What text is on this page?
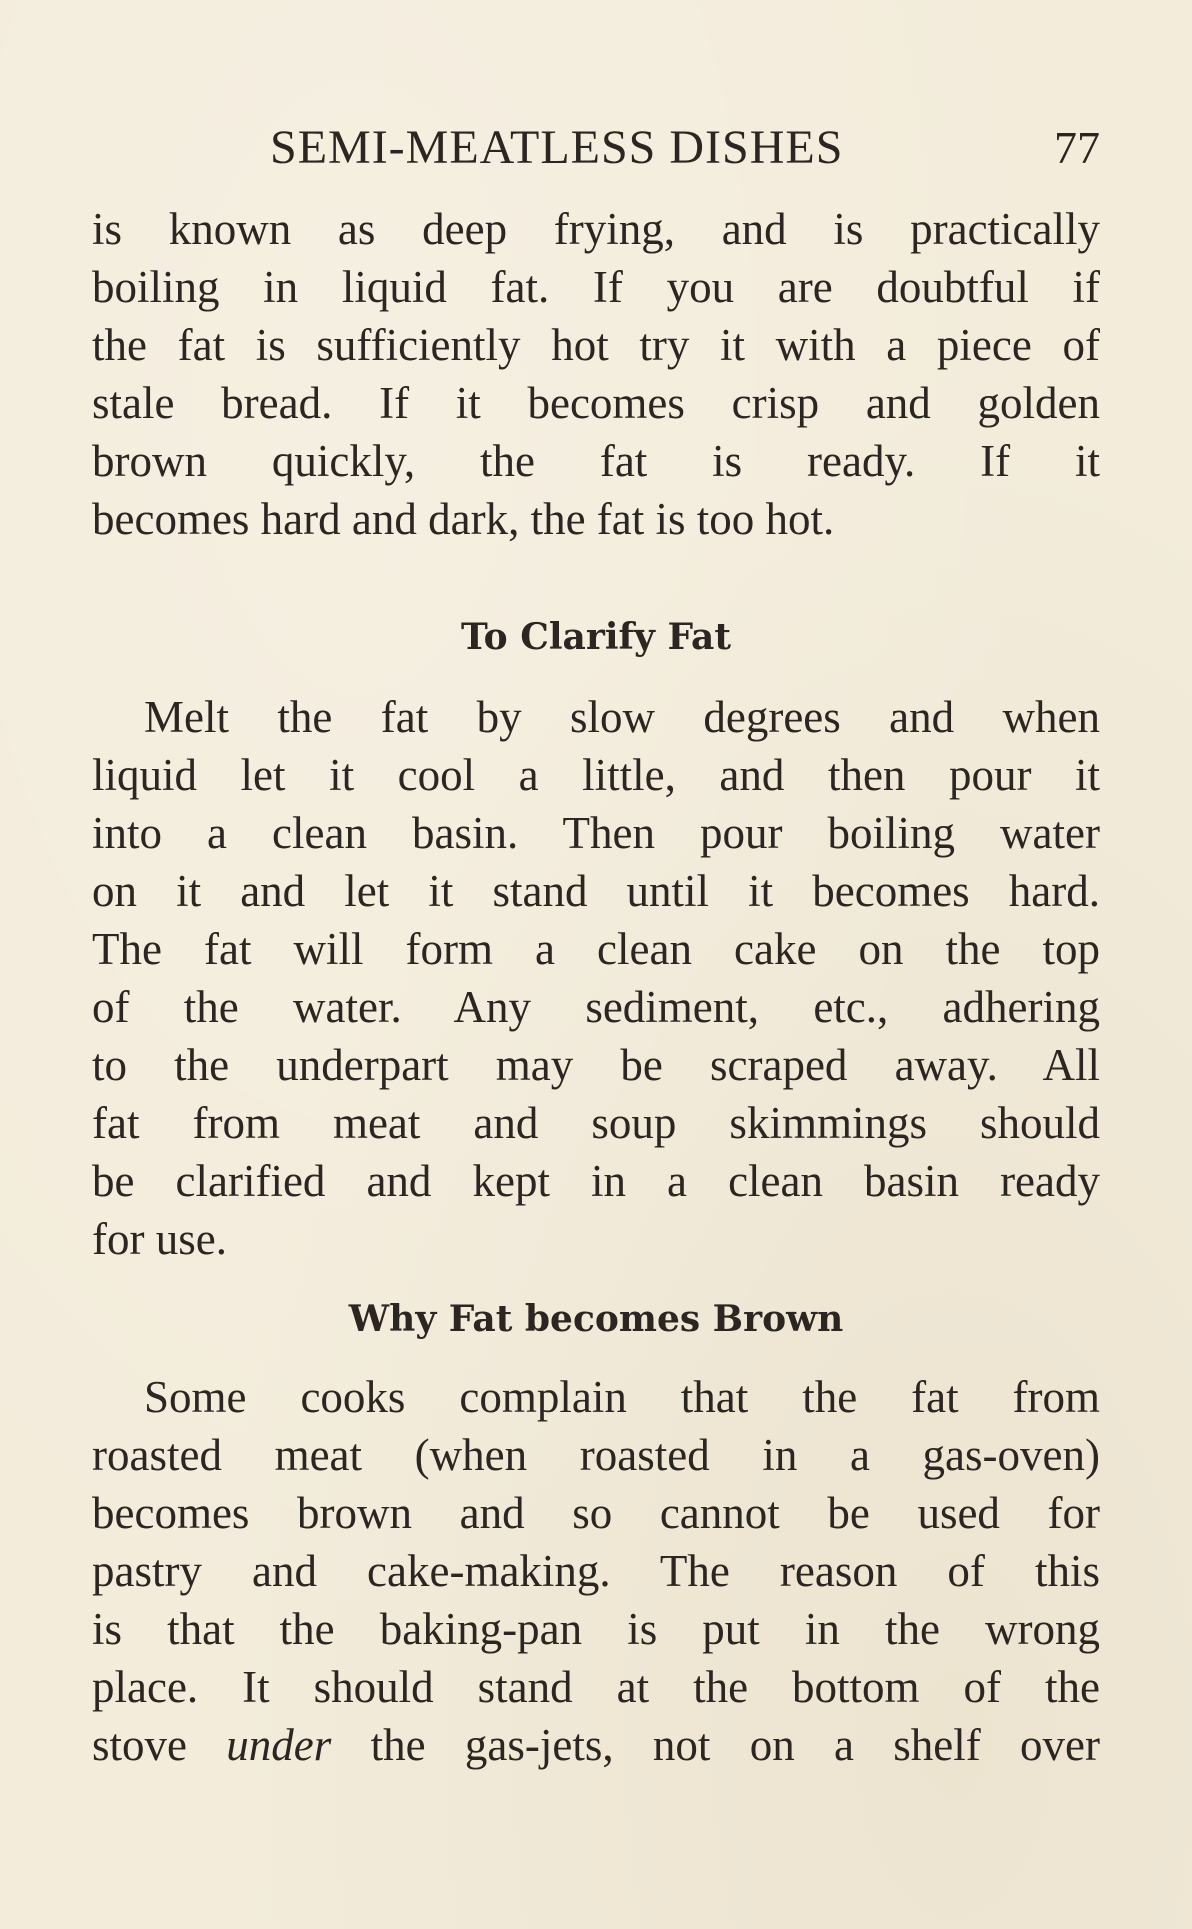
SEMI-MEATLESS DISHES	77
is known as deep frying, and is practically
boiling in liquid fat. If you are doubtful if
the fat is sufficiently hot try it with a piece of
stale bread. If it becomes crisp and golden
brown quickly, the fat is ready. If it
becomes hard and dark, the fat is too hot.
To Clarify Fat
Melt the fat by slow degrees and when
liquid let it cool a little, and then pour it
into a clean basin. Then pour boiling water
on it and let it stand until it becomes hard.
The fat will form a clean cake on the top
of the water. Any sediment, etc., adhering
to the underpart may be scraped away. All
fat from meat and soup skimmings should
be clarified and kept in a clean basin ready
for use.
Why Fat becomes Brown
Some cooks complain that the fat from
roasted meat (when roasted in a gas-oven)
becomes brown and so cannot be used for
pastry and cake-making. The reason of this
is that the baking-pan is put in the wrong
place. It should stand at the bottom of the
stove under the gas-jets, not on a shelf over
